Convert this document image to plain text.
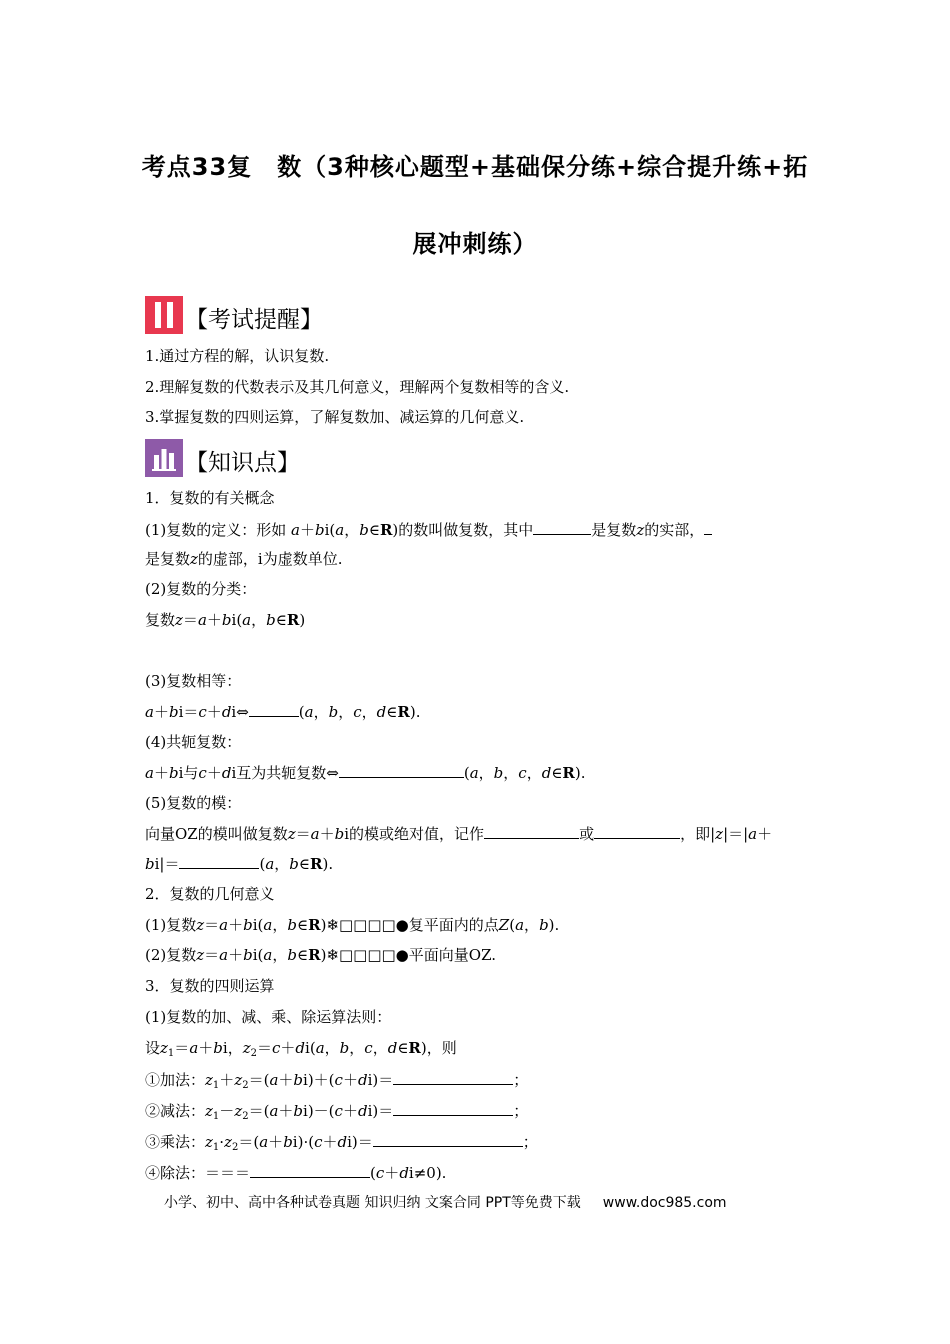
考点33复　数（3种核心题型+基础保分练+综合提升练+拓
展冲刺练）
【考试提醒】
1.通过方程的解，认识复数.
2.理解复数的代数表示及其几何意义，理解两个复数相等的含义.
3.掌握复数的四则运算，了解复数加、减运算的几何意义.
【知识点】
1．复数的有关概念
(1)复数的定义：形如 a＋bi(a，b∈R)的数叫做复数，其中	是复数z的实部，
是复数z的虚部，i为虚数单位.
(2)复数的分类：
复数z＝a＋bi(a，b∈R)
(3)复数相等：
a＋bi＝c＋di⇔	(a，b，c，d∈R).
(4)共轭复数：
a＋bi与c＋di互为共轭复数⇔	(a，b，c，d∈R).
(5)复数的模：
向量OZ的模叫做复数z＝a＋bi的模或绝对值，记作	或	，即|z|＝|a＋
bi|＝	(a，b∈R).
2．复数的几何意义
(1)复数z＝a＋bi(a，b∈R)❄□□□□●复平面内的点Z(a，b).
(2)复数z＝a＋bi(a，b∈R)❄□□□□●平面向量OZ.
3．复数的四则运算
(1)复数的加、减、乘、除运算法则：
设$z_1=a+bi$，$z_2=c+di(a$，b，c，d∈R)，则
①加法：$z_1+z_2=(a+bi)+(c+di)=$	；
②减法：$z_1-z_2=(a+bi)-(c+di)=$	；
③乘法：$z_1\cdot z_2=(a+bi)\cdot(c+di)=$	；
④除法：＝＝＝	(c＋di≠0).
小学、初中、高中各种试卷真题 知识归纳 文案合同 PPT等免费下载 www.doc985.com
